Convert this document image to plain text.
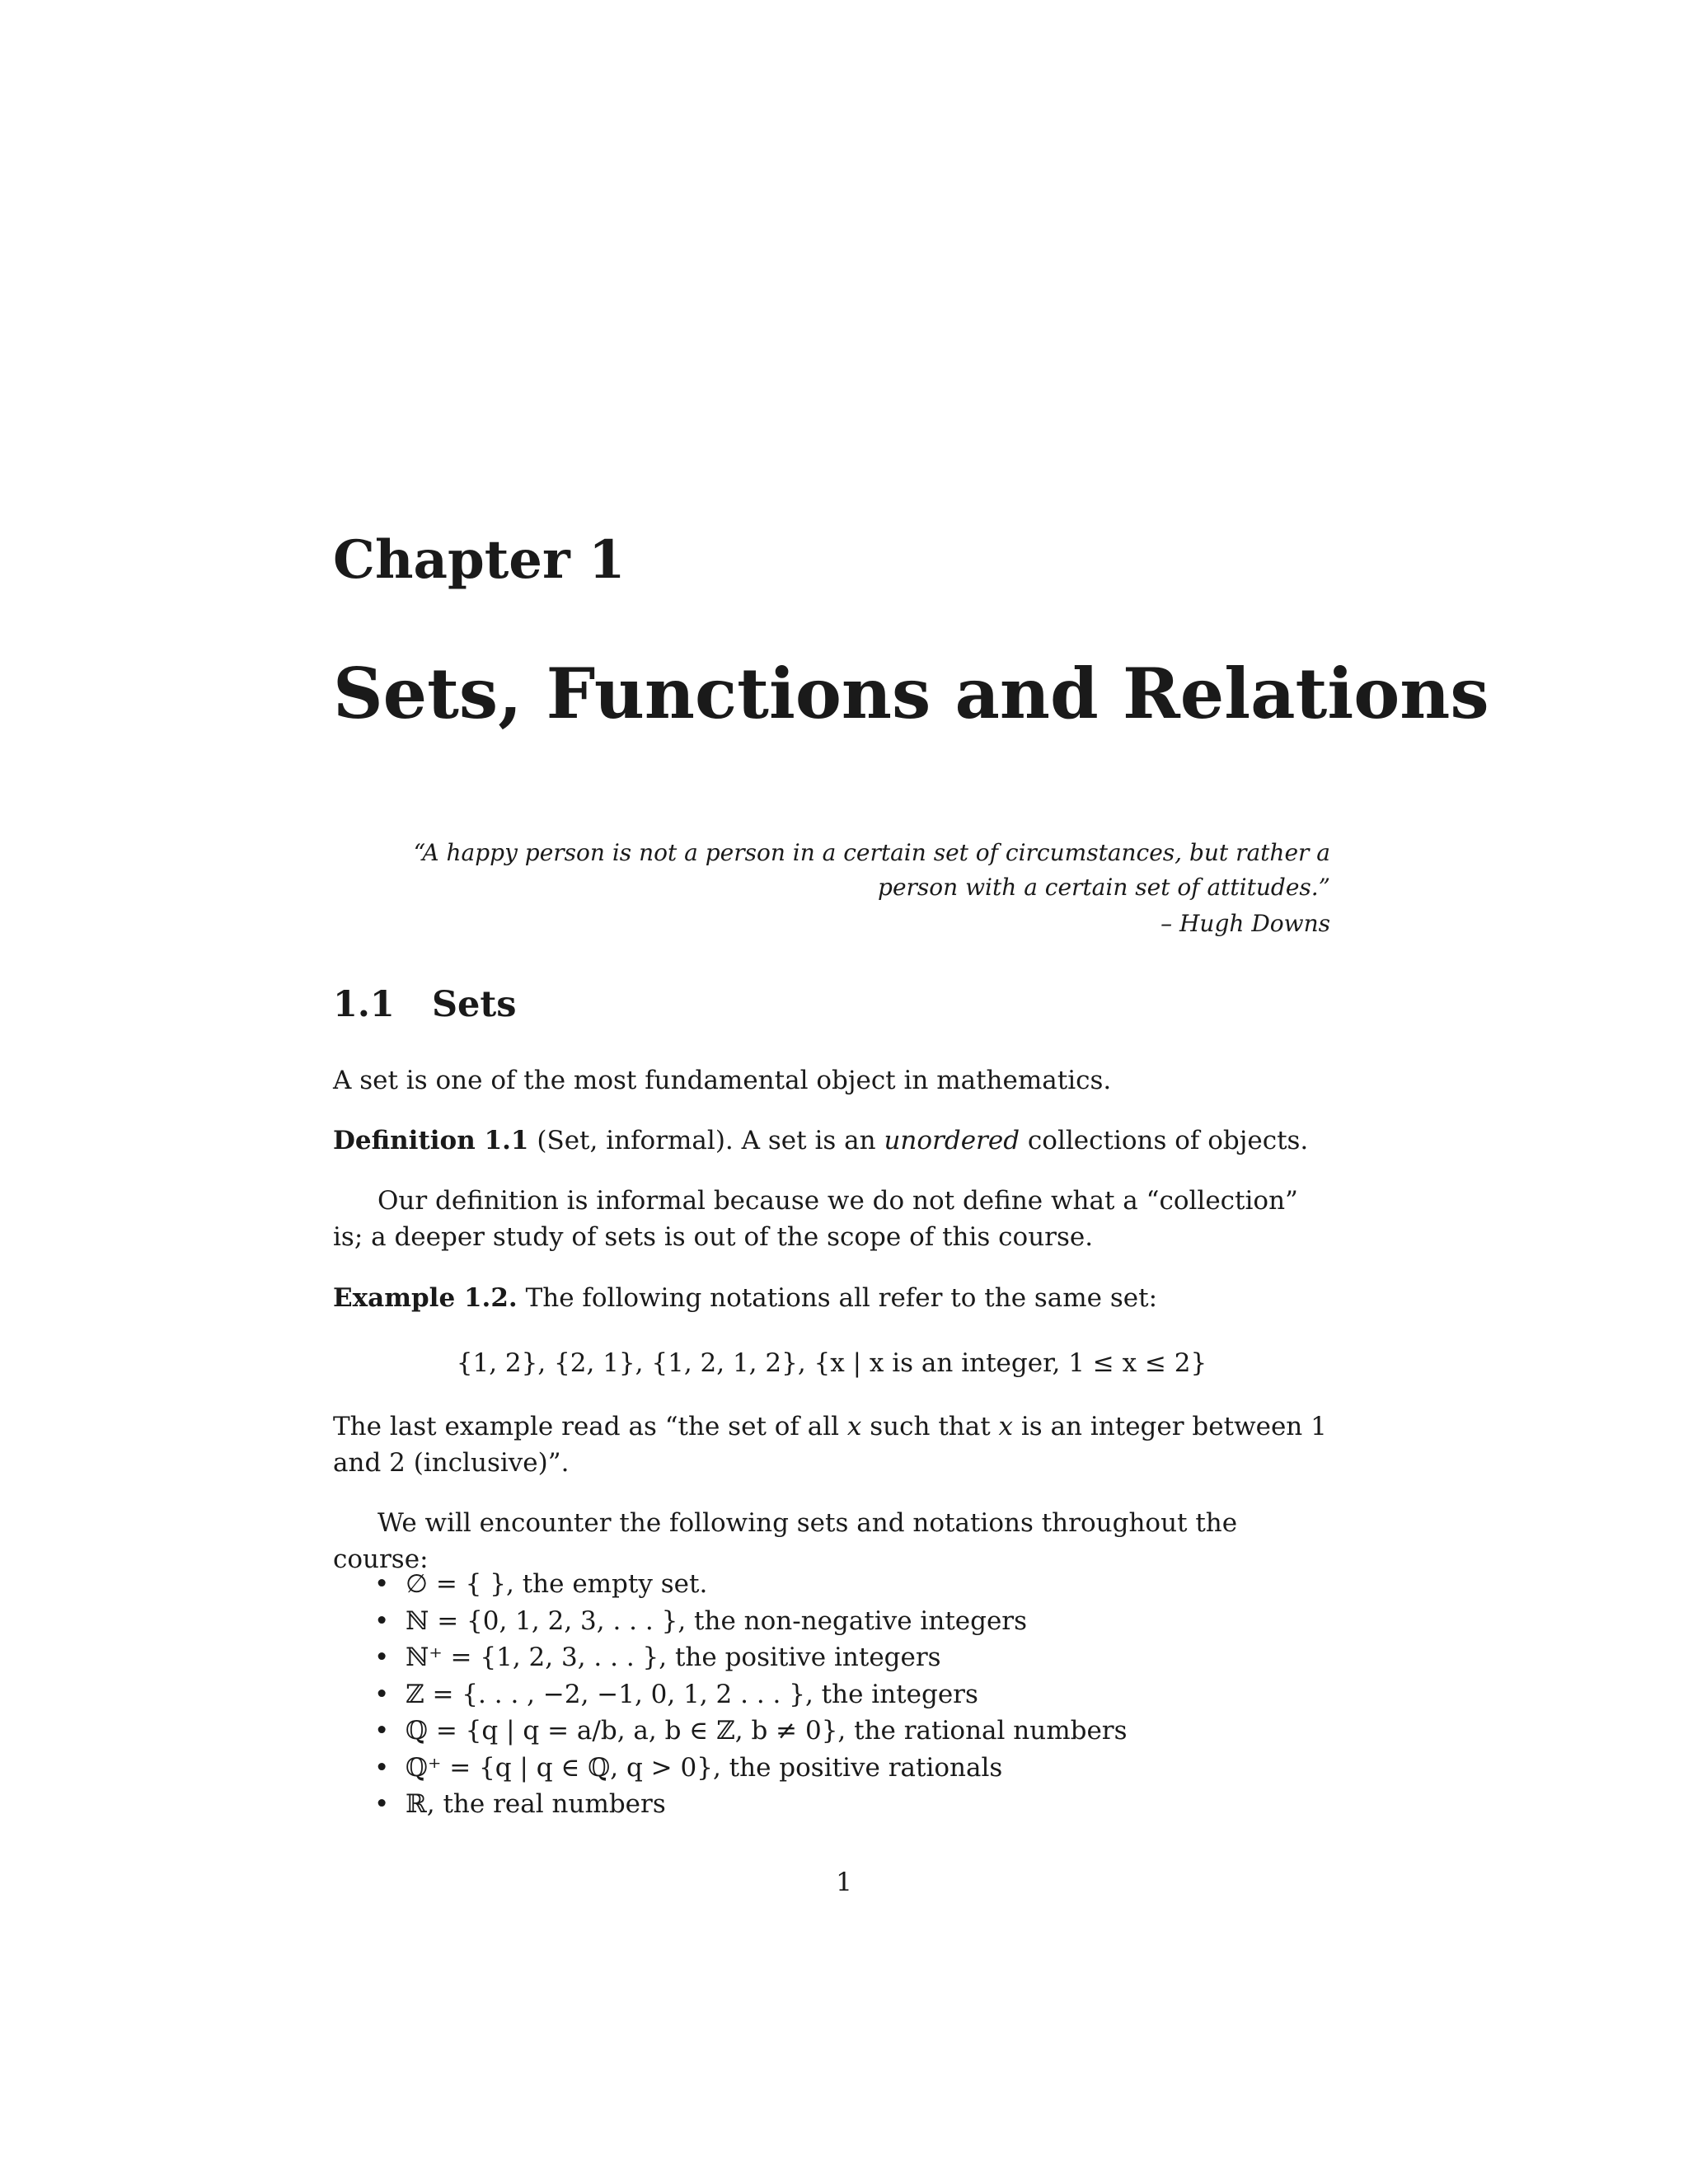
Chapter 1
Sets, Functions and Relations
“A happy person is not a person in a certain set of circumstances, but rather a person with a certain set of attitudes.”
– Hugh Downs
1.1 Sets

A set is one of the most fundamental object in mathematics.

Definition 1.1 (Set, informal). A set is an unordered collections of objects.

Our definition is informal because we do not define what a “collection” is; a deeper study of sets is out of the scope of this course.

Example 1.2. The following notations all refer to the same set:

{1, 2}, {2, 1}, {1, 2, 1, 2}, {x | x is an integer, 1 ≤ x ≤ 2}

The last example read as “the set of all x such that x is an integer between 1 and 2 (inclusive)”.

We will encounter the following sets and notations throughout the course:

• ∅ = { }, the empty set.
• ℕ = {0, 1, 2, 3, . . . }, the non-negative integers
• ℕ⁺ = {1, 2, 3, . . . }, the positive integers
• ℤ = {. . . , −2, −1, 0, 1, 2 . . . }, the integers
• ℚ = {q | q = a/b, a, b ∈ ℤ, b ≠ 0}, the rational numbers
• ℚ⁺ = {q | q ∈ ℚ, q > 0}, the positive rationals
• ℝ, the real numbers
1
